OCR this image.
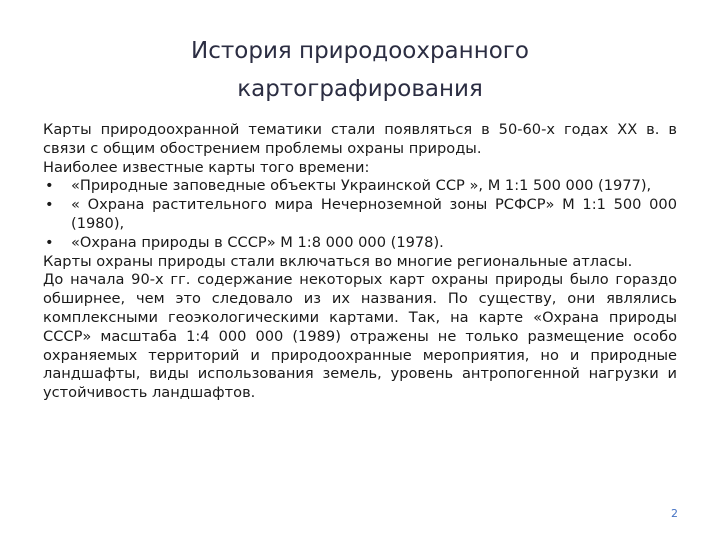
История природоохранного
картографирования

Карты природоохранной тематики стали появляться в 50-60-х годах XX в. в связи с общим обострением проблемы охраны природы.

Наиболее известные карты того времени:

•	«Природные заповедные объекты Украинской ССР », М 1:1 500 000 (1977),

•	« Охрана растительного мира Нечерноземной зоны РСФСР» М 1:1 500 000 (1980),

•	«Охрана природы в СССР» М 1:8 000 000 (1978).

Карты охраны природы стали включаться во многие региональные атласы.

До начала 90-х гг. содержание некоторых карт охраны природы было гораздо обширнее, чем это следовало из их названия. По существу, они являлись комплексными геоэкологическими картами. Так, на карте «Охрана природы СССР» масштаба 1:4 000 000 (1989) отражены не только размещение особо охраняемых территорий и природоохранные мероприятия, но и природные ландшафты, виды использования земель, уровень антропогенной нагрузки и устойчивость ландшафтов.

2
